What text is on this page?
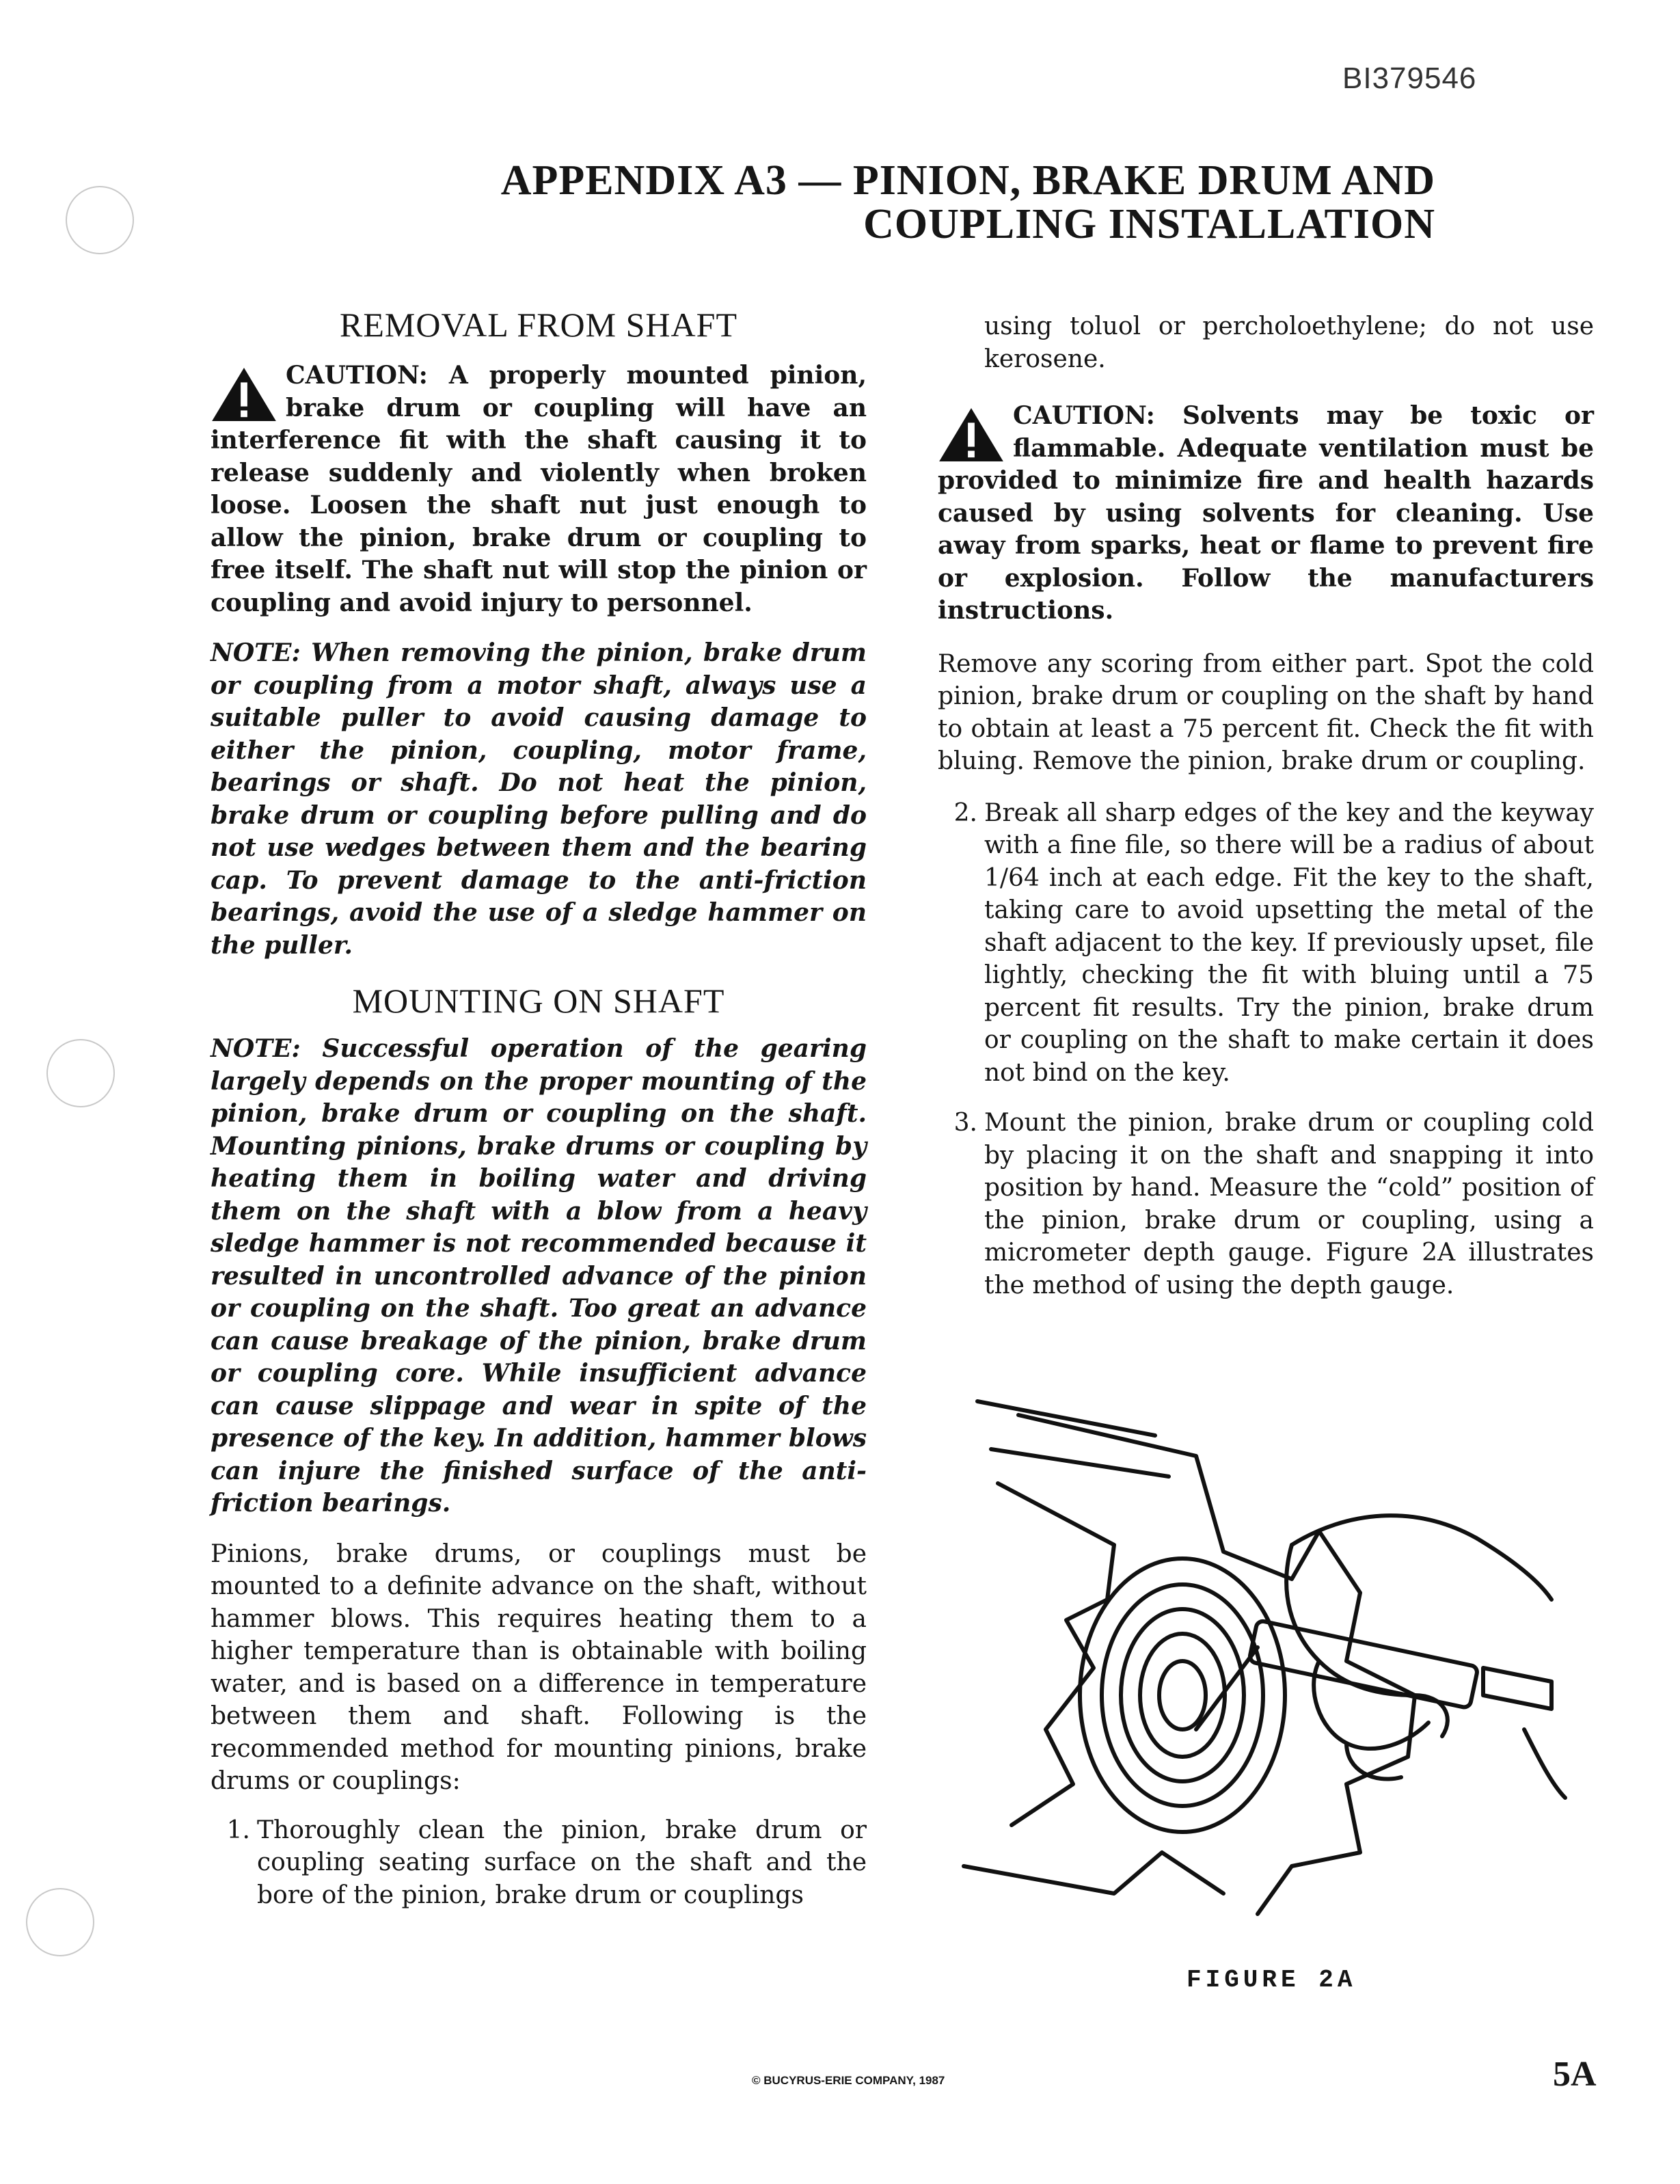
BI379546
APPENDIX A3 — PINION, BRAKE DRUM AND
COUPLING INSTALLATION
REMOVAL FROM SHAFT

CAUTION: A properly mounted pinion, brake drum or coupling will have an interference fit with the shaft causing it to release suddenly and violently when broken loose. Loosen the shaft nut just enough to allow the pinion, brake drum or coupling to free itself. The shaft nut will stop the pinion or coupling and avoid injury to personnel.

NOTE: When removing the pinion, brake drum or coupling from a motor shaft, always use a suitable puller to avoid causing damage to either the pinion, coupling, motor frame, bearings or shaft. Do not heat the pinion, brake drum or coupling before pulling and do not use wedges between them and the bearing cap. To prevent damage to the anti-friction bearings, avoid the use of a sledge hammer on the puller.

MOUNTING ON SHAFT

NOTE: Successful operation of the gearing largely depends on the proper mounting of the pinion, brake drum or coupling on the shaft. Mounting pinions, brake drums or coupling by heating them in boiling water and driving them on the shaft with a blow from a heavy sledge hammer is not recommended because it resulted in uncontrolled advance of the pinion or coupling on the shaft. Too great an advance can cause breakage of the pinion, brake drum or coupling core. While insufficient advance can cause slippage and wear in spite of the presence of the key. In addition, hammer blows can injure the finished surface of the anti-friction bearings.

Pinions, brake drums, or couplings must be mounted to a definite advance on the shaft, without hammer blows. This requires heating them to a higher temperature than is obtainable with boiling water, and is based on a difference in temperature between them and shaft. Following is the recommended method for mounting pinions, brake drums or couplings:

1. Thoroughly clean the pinion, brake drum or coupling seating surface on the shaft and the bore of the pinion, brake drum or couplings

using toluol or percholoethylene; do not use kerosene.

CAUTION: Solvents may be toxic or flammable. Adequate ventilation must be provided to minimize fire and health hazards caused by using solvents for cleaning. Use away from sparks, heat or flame to prevent fire or explosion. Follow the manufacturers instructions.

Remove any scoring from either part. Spot the cold pinion, brake drum or coupling on the shaft by hand to obtain at least a 75 percent fit. Check the fit with bluing. Remove the pinion, brake drum or coupling.

2. Break all sharp edges of the key and the keyway with a fine file, so there will be a radius of about 1/64 inch at each edge. Fit the key to the shaft, taking care to avoid upsetting the metal of the shaft adjacent to the key. If previously upset, file lightly, checking the fit with bluing until a 75 percent fit results. Try the pinion, brake drum or coupling on the shaft to make certain it does not bind on the key.
3. Mount the pinion, brake drum or coupling cold by placing it on the shaft and snapping it into position by hand. Measure the “cold” position of the pinion, brake drum or coupling, using a micrometer depth gauge. Figure 2A illustrates the method of using the depth gauge.
FIGURE 2A
© BUCYRUS-ERIE COMPANY, 1987	5A
